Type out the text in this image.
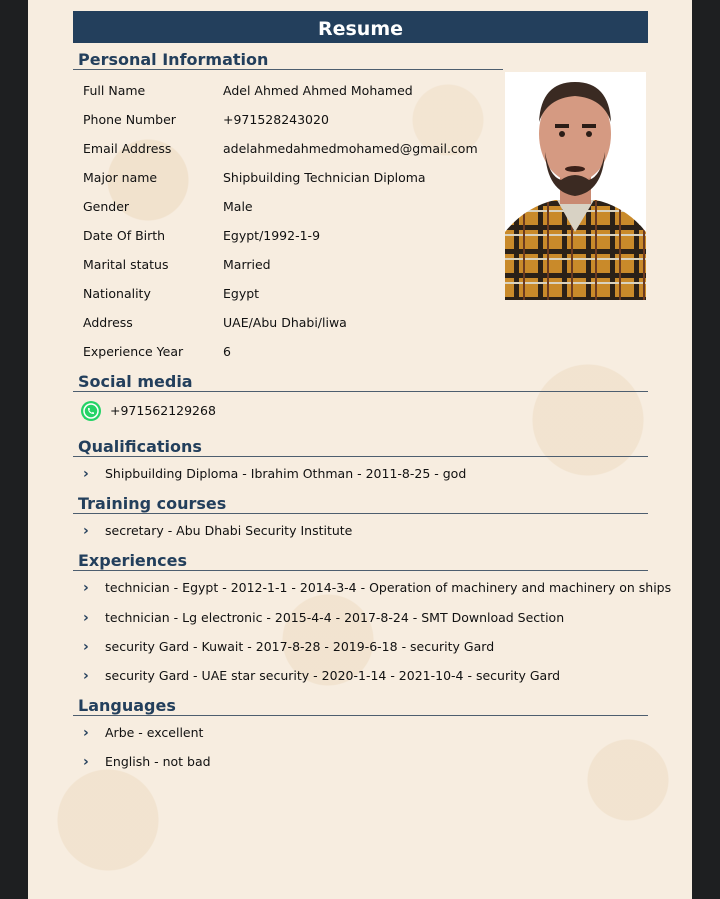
Resume
Personal Information
Full Name	Adel Ahmed Ahmed Mohamed
Phone Number	+971528243020
Email Address	adelahmedahmedmohamed@gmail.com
Major name	Shipbuilding Technician Diploma
Gender	Male
Date Of Birth	Egypt/1992-1-9
Marital status	Married
Nationality	Egypt
Address	UAE/Abu Dhabi/liwa
Experience Year	6
Social media
+971562129268
Qualifications
› Shipbuilding Diploma - Ibrahim Othman - 2011-8-25 - god
Training courses
› secretary - Abu Dhabi Security Institute
Experiences
› technician - Egypt - 2012-1-1 - 2014-3-4 - Operation of machinery and machinery on ships
› technician - Lg electronic - 2015-4-4 - 2017-8-24 - SMT Download Section
› security Gard - Kuwait - 2017-8-28 - 2019-6-18 - security Gard
› security Gard - UAE star security - 2020-1-14 - 2021-10-4 - security Gard
Languages
› Arbe - excellent
› English - not bad
